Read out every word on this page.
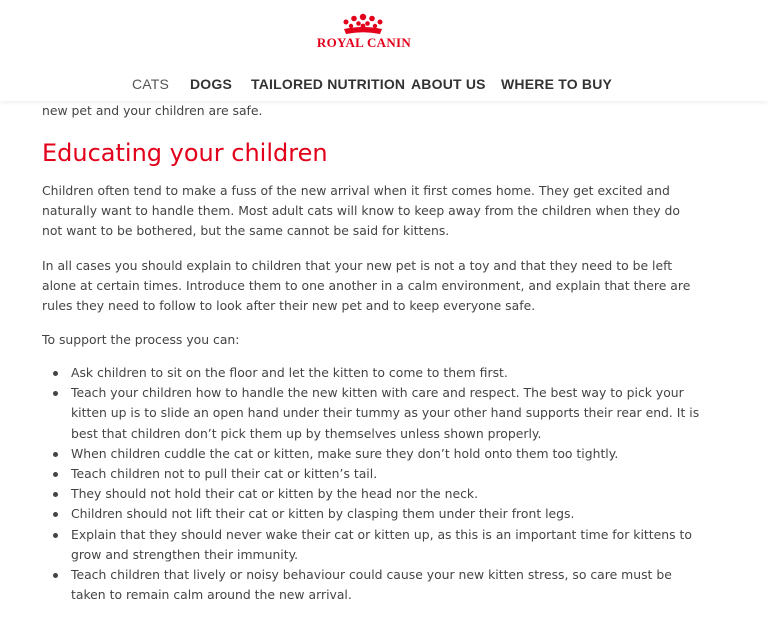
ROYAL CANIN
CATS DOGS TAILORED NUTRITION ABOUT US WHERE TO BUY

new pet and your children are safe.

Educating your children

Children often tend to make a fuss of the new arrival when it first comes home. They get excited and naturally want to handle them. Most adult cats will know to keep away from the children when they do not want to be bothered, but the same cannot be said for kittens.

In all cases you should explain to children that your new pet is not a toy and that they need to be left alone at certain times. Introduce them to one another in a calm environment, and explain that there are rules they need to follow to look after their new pet and to keep everyone safe.

To support the process you can:

Ask children to sit on the floor and let the kitten to come to them first.
Teach your children how to handle the new kitten with care and respect. The best way to pick your kitten up is to slide an open hand under their tummy as your other hand supports their rear end. It is best that children don’t pick them up by themselves unless shown properly.
When children cuddle the cat or kitten, make sure they don’t hold onto them too tightly.
Teach children not to pull their cat or kitten’s tail.
They should not hold their cat or kitten by the head nor the neck.
Children should not lift their cat or kitten by clasping them under their front legs.
Explain that they should never wake their cat or kitten up, as this is an important time for kittens to grow and strengthen their immunity.
Teach children that lively or noisy behaviour could cause your new kitten stress, so care must be taken to remain calm around the new arrival.
